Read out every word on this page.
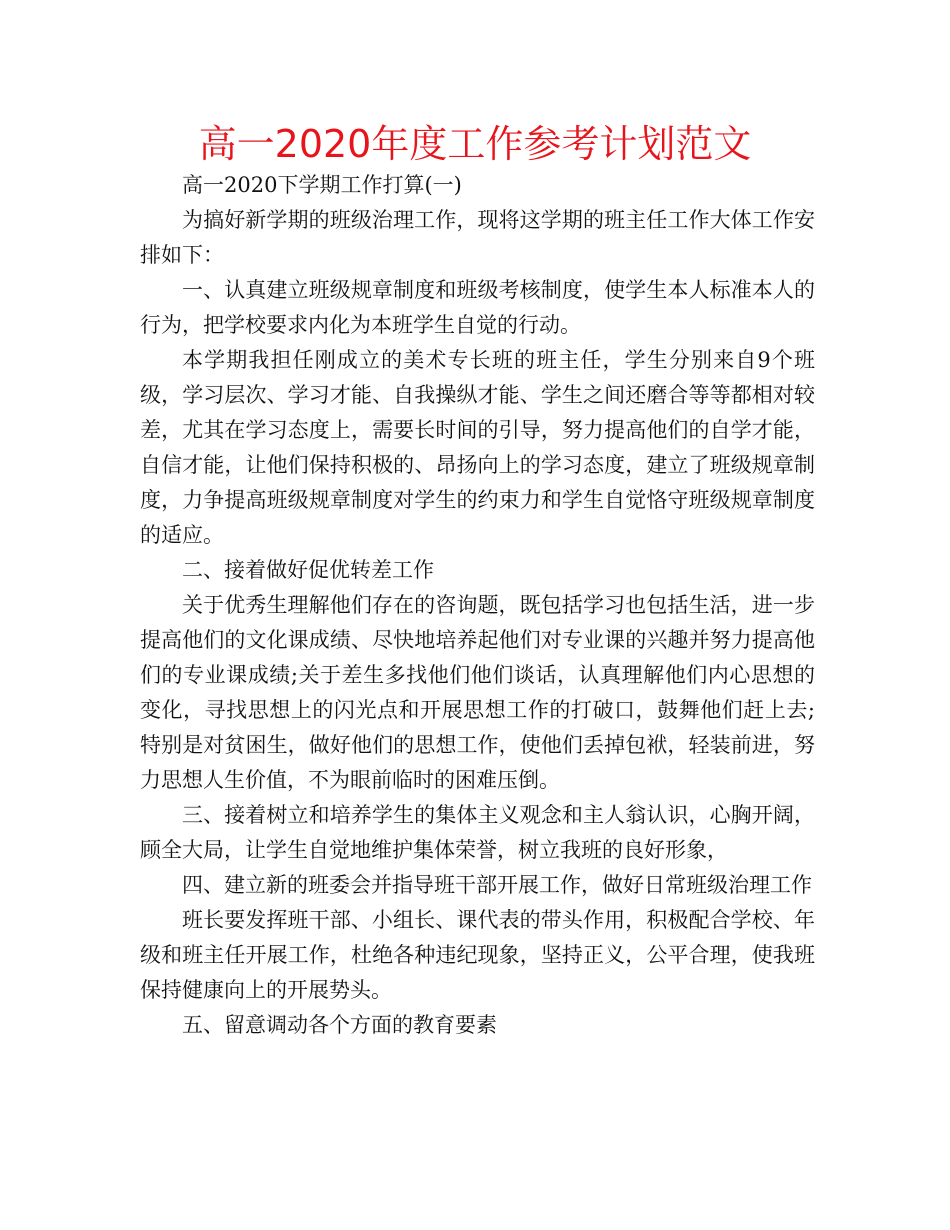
高一2020年度工作参考计划范文

高一2020下学期工作打算(一)

为搞好新学期的班级治理工作，现将这学期的班主任工作大体工作安排如下：

一、认真建立班级规章制度和班级考核制度，使学生本人标准本人的行为，把学校要求内化为本班学生自觉的行动。

本学期我担任刚成立的美术专长班的班主任，学生分别来自9个班级，学习层次、学习才能、自我操纵才能、学生之间还磨合等等都相对较差，尤其在学习态度上，需要长时间的引导，努力提高他们的自学才能，自信才能，让他们保持积极的、昂扬向上的学习态度，建立了班级规章制度，力争提高班级规章制度对学生的约束力和学生自觉恪守班级规章制度的适应。

二、接着做好促优转差工作

关于优秀生理解他们存在的咨询题，既包括学习也包括生活，进一步提高他们的文化课成绩、尽快地培养起他们对专业课的兴趣并努力提高他们的专业课成绩;关于差生多找他们他们谈话，认真理解他们内心思想的变化，寻找思想上的闪光点和开展思想工作的打破口，鼓舞他们赶上去;特别是对贫困生，做好他们的思想工作，使他们丢掉包袱，轻装前进，努力思想人生价值，不为眼前临时的困难压倒。

三、接着树立和培养学生的集体主义观念和主人翁认识，心胸开阔，顾全大局，让学生自觉地维护集体荣誉，树立我班的良好形象，

四、建立新的班委会并指导班干部开展工作，做好日常班级治理工作

班长要发挥班干部、小组长、课代表的带头作用，积极配合学校、年级和班主任开展工作，杜绝各种违纪现象，坚持正义，公平合理，使我班保持健康向上的开展势头。

五、留意调动各个方面的教育要素
